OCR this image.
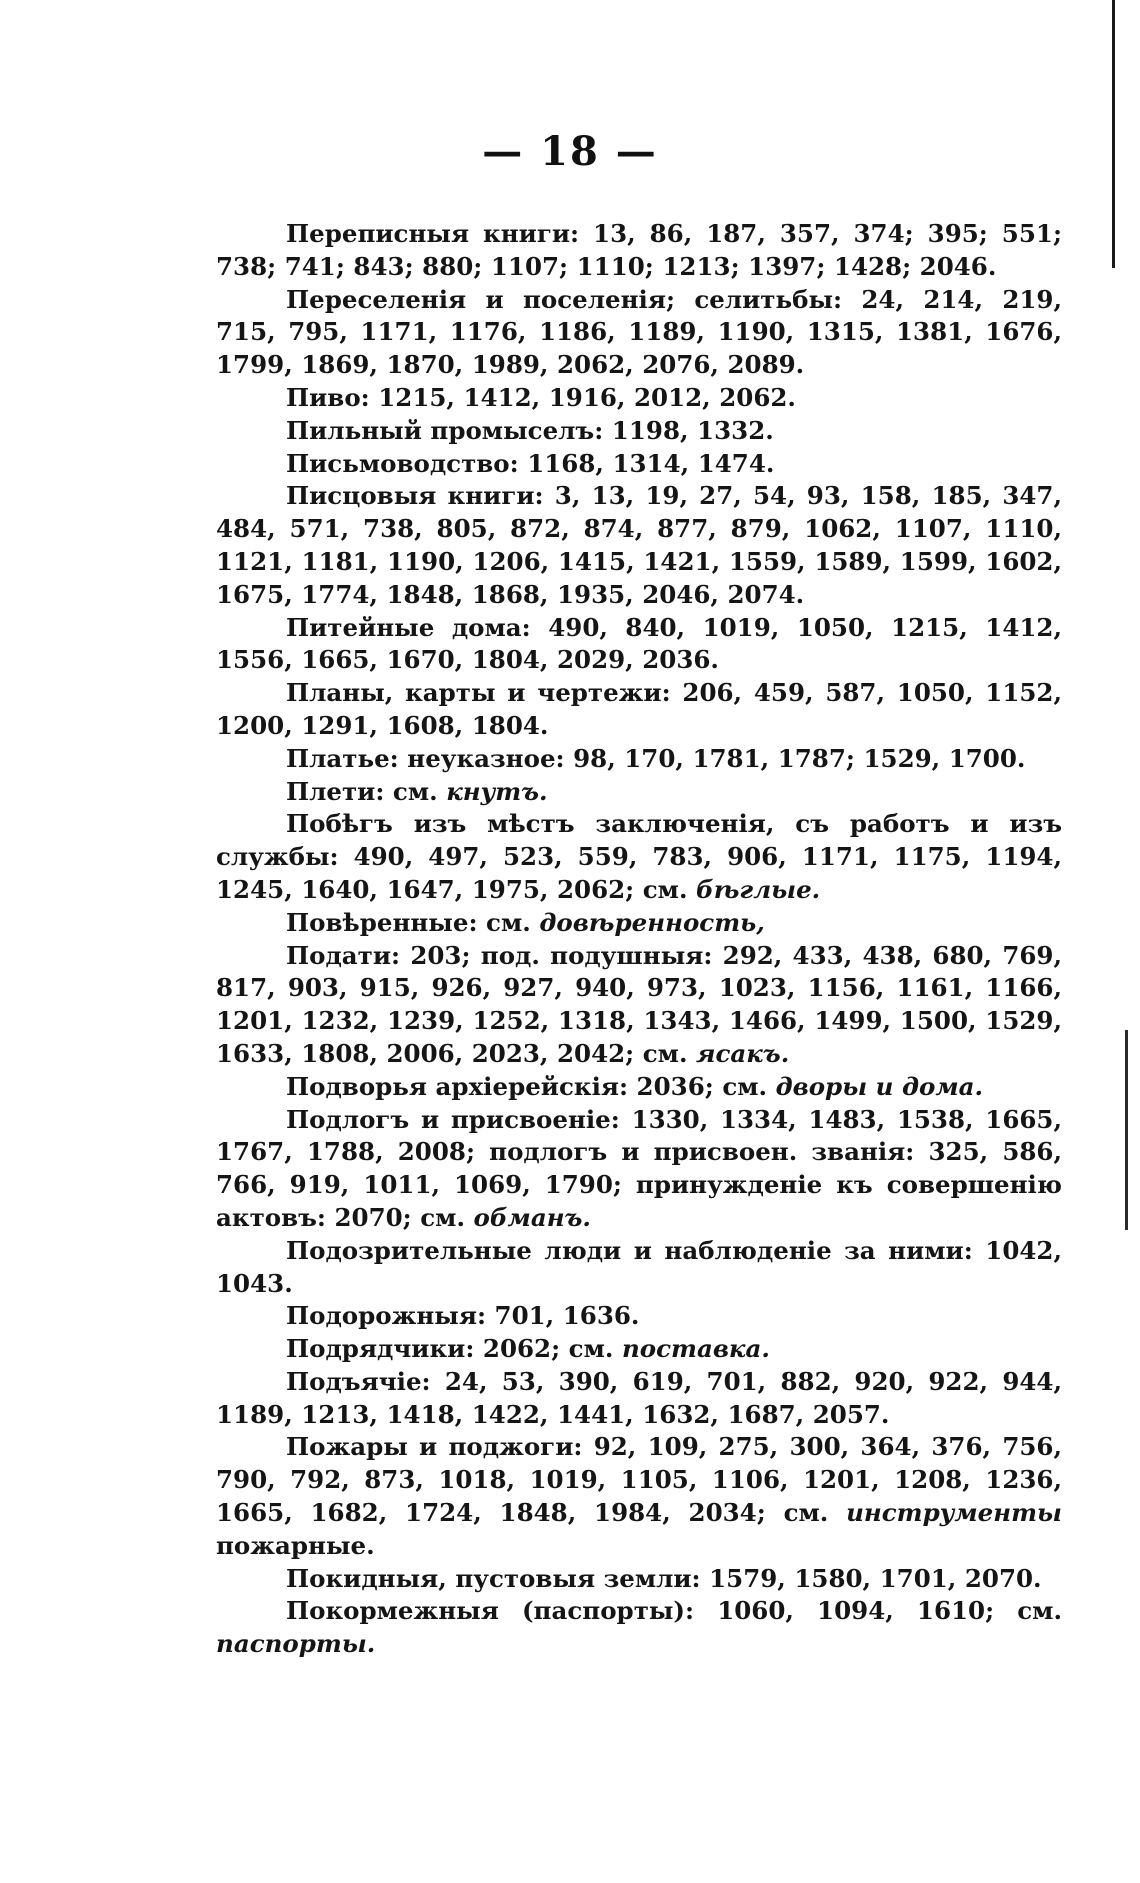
— 18 —

Переписныя книги: 13, 86, 187, 357, 374; 395; 551; 738; 741; 843; 880; 1107; 1110; 1213; 1397; 1428; 2046.

Переселенія и поселенія; селитьбы: 24, 214, 219, 715, 795, 1171, 1176, 1186, 1189, 1190, 1315, 1381, 1676, 1799, 1869, 1870, 1989, 2062, 2076, 2089.

Пиво: 1215, 1412, 1916, 2012, 2062.

Пильный промыселъ: 1198, 1332.

Письмоводство: 1168, 1314, 1474.

Писцовыя книги: 3, 13, 19, 27, 54, 93, 158, 185, 347, 484, 571, 738, 805, 872, 874, 877, 879, 1062, 1107, 1110, 1121, 1181, 1190, 1206, 1415, 1421, 1559, 1589, 1599, 1602, 1675, 1774, 1848, 1868, 1935, 2046, 2074.

Питейные дома: 490, 840, 1019, 1050, 1215, 1412, 1556, 1665, 1670, 1804, 2029, 2036.

Планы, карты и чертежи: 206, 459, 587, 1050, 1152, 1200, 1291, 1608, 1804.

Платье: неуказное: 98, 170, 1781, 1787; 1529, 1700.

Плети: см. кнутъ.

Побѣгъ изъ мѣстъ заключенія, съ работъ и изъ службы: 490, 497, 523, 559, 783, 906, 1171, 1175, 1194, 1245, 1640, 1647, 1975, 2062; см. бѣглые.

Повѣренные: см. довѣренность,

Подати: 203; под. подушныя: 292, 433, 438, 680, 769, 817, 903, 915, 926, 927, 940, 973, 1023, 1156, 1161, 1166, 1201, 1232, 1239, 1252, 1318, 1343, 1466, 1499, 1500, 1529, 1633, 1808, 2006, 2023, 2042; см. ясакъ.

Подворья архіерейскія: 2036; см. дворы и дома.

Подлогъ и присвоеніе: 1330, 1334, 1483, 1538, 1665, 1767, 1788, 2008; подлогъ и присвоен. званія: 325, 586, 766, 919, 1011, 1069, 1790; принужденіе къ совершенію актовъ: 2070; см. обманъ.

Подозрительные люди и наблюденіе за ними: 1042, 1043.

Подорожныя: 701, 1636.

Подрядчики: 2062; см. поставка.

Подъячіе: 24, 53, 390, 619, 701, 882, 920, 922, 944, 1189, 1213, 1418, 1422, 1441, 1632, 1687, 2057.

Пожары и поджоги: 92, 109, 275, 300, 364, 376, 756, 790, 792, 873, 1018, 1019, 1105, 1106, 1201, 1208, 1236, 1665, 1682, 1724, 1848, 1984, 2034; см. инструменты пожарные.

Покидныя, пустовыя земли: 1579, 1580, 1701, 2070.

Покормежныя (паспорты): 1060, 1094, 1610; см. паспорты.
